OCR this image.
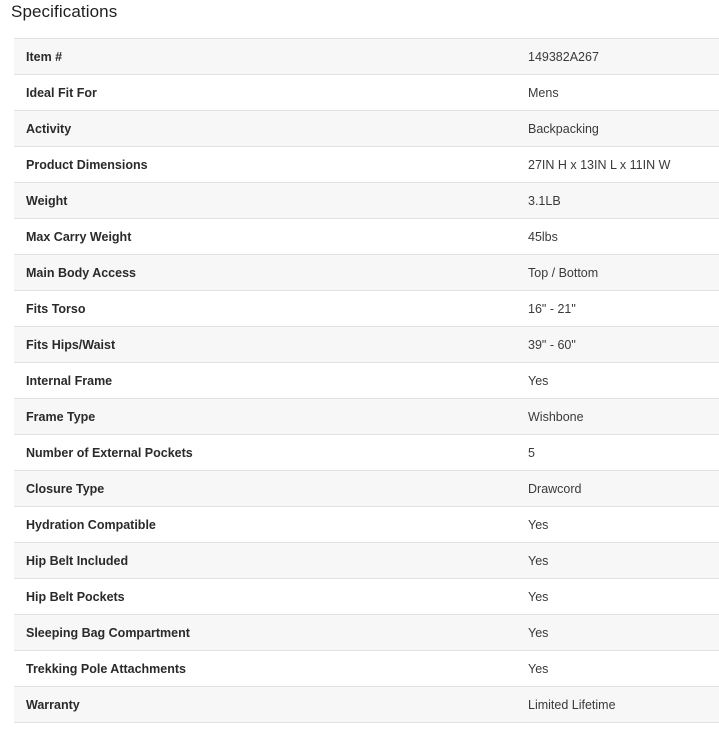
Specifications
Item #	149382A267
Ideal Fit For	Mens
Activity	Backpacking
Product Dimensions	27IN H x 13IN L x 11IN W
Weight	3.1LB
Max Carry Weight	45lbs
Main Body Access	Top / Bottom
Fits Torso	16" - 21"
Fits Hips/Waist	39" - 60"
Internal Frame	Yes
Frame Type	Wishbone
Number of External Pockets	5
Closure Type	Drawcord
Hydration Compatible	Yes
Hip Belt Included	Yes
Hip Belt Pockets	Yes
Sleeping Bag Compartment	Yes
Trekking Pole Attachments	Yes
Warranty	Limited Lifetime
